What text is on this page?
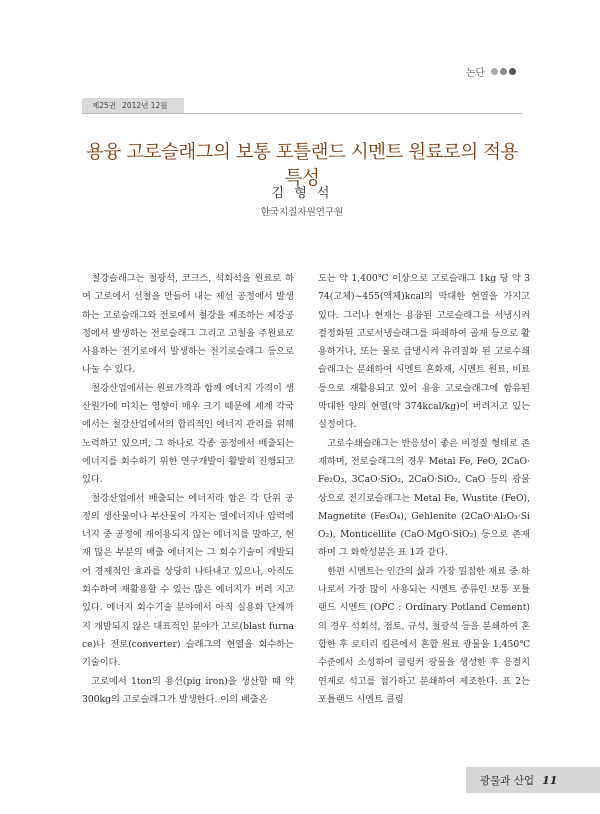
논단
제25권 2012년 12월
용융 고로슬래그의 보통 포틀랜드 시멘트 원료로의 적용 특성
김 형 석
한국지질자원연구원

철강슬래그는 철광석, 코크스, 석회석을 원료로 하여 고로에서 선철을 만들어 내는 제선 공정에서 발생하는 고로슬래그와 전로에서 철강을 제조하는 제강공정에서 발생하는 전로슬래그 그리고 고철을 주원료로 사용하는 전기로에서 발생하는 전기로슬래그 등으로 나눌 수 있다.

철강산업에서는 원료가격과 함께 에너지 가격이 생산원가에 미치는 영향이 매우 크기 때문에 세계 각국에서는 철강산업에서의 합리적인 에너지 관리를 위해 노력하고 있으며, 그 하나로 각종 공정에서 배출되는 에너지를 회수하기 위한 연구개발이 활발히 진행되고 있다.

철강산업에서 배출되는 에너지라 함은 각 단위 공정의 생산물이나 부산물이 가지는 열에너지나 압력에너지 중 공정에 재이용되지 않는 에너지를 말하고, 현재 많은 부분의 배출 에너지는 그 회수기술이 개발되어 경제적인 효과를 상당히 나타내고 있으나, 아직도 회수하여 재활용할 수 있는 많은 에너지가 버려 지고 있다. 에너지 회수기술 분야에서 아직 실용화 단계까지 개발되지 않은 대표적인 분야가 고로(blast furnace)나 전로(converter) 슬래그의 현열을 회수하는 기술이다.

고로에서 1ton의 용선(pig iron)을 생산할 때 약 300kg의 고로슬래그가 발생한다. 이의 배출온

도는 약 1,400℃ 이상으로 고로슬래그 1kg 당 약 374(고체)~455(액체)kcal의 막대한 현열을 가지고 있다. 그러나 현재는 용융된 고로슬래그를 서냉시켜 결정화된 고로서냉슬래그를 파쇄하여 골재 등으로 활용하거나, 또는 물로 급냉시켜 유리질화 된 고로수쇄슬래그는 분쇄하여 시멘트 혼화재, 시멘트 원료, 비료 등으로 재활용되고 있어 용융 고로슬래그에 함유된 막대한 양의 현열(약 374kcal/kg)이 버려지고 있는 실정이다.

고로수쇄슬래그는 반응성이 좋은 비정질 형태로 존재하며, 전로슬래그의 경우 Metal Fe, FeO, 2CaO·Fe₂O₃, 3CaO·SiO₂, 2CaO·SiO₂, CaO 등의 광물상으로 전기로슬래그는 Metal Fe, Wustite (FeO), Magnetite (Fe₃O₄), Gehlenite (2CaO·Al₂O₃·SiO₂), Monticellite (CaO·MgO·SiO₂) 등으로 존재하며 그 화학성분은 표 1과 같다.

한편 시멘트는 인간의 삶과 가장 밀접한 재료 중 하나로서 가장 많이 사용되는 시멘트 종류인 보통 포틀랜드 시멘트 (OPC : Ordinary Potland Cement)의 경우 석회석, 점토, 규석, 철광석 등을 분쇄하여 혼합한 후 로터리 킬른에서 혼합 원료 광물을 1,450℃수준에서 소성하여 클링커 광물을 생성한 후 응결지연제로 석고를 첨가하고 분쇄하여 제조한다. 표 2는 포틀랜드 시멘트 클링

광물과 산업 11
